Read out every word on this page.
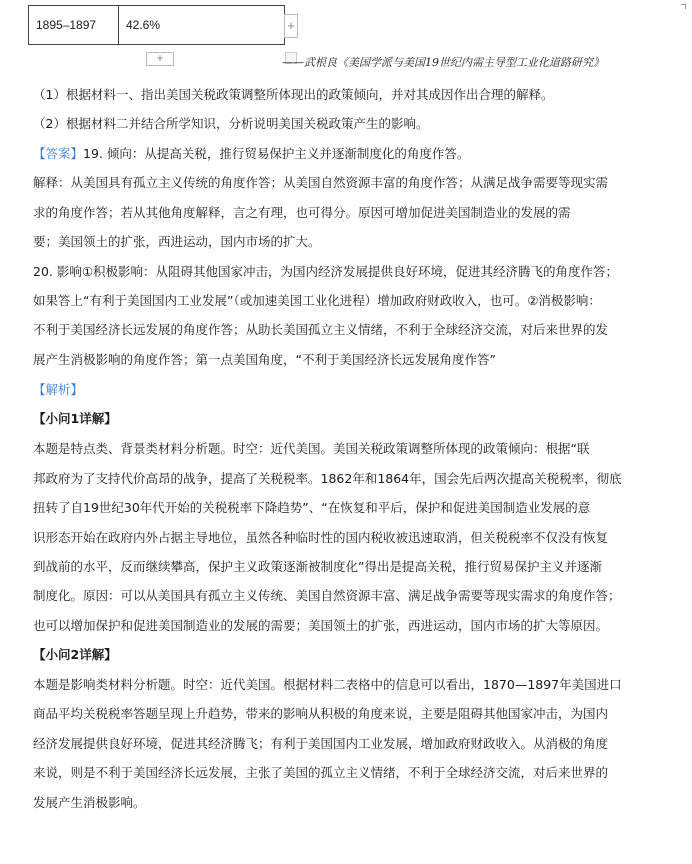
1895–1897	42.6%	+
+	——武根良《美国学派与美国19世纪内需主导型工业化道路研究》
（1）根据材料一、指出美国关税政策调整所体现出的政策倾向，并对其成因作出合理的解释。
（2）根据材料二并结合所学知识，分析说明美国关税政策产生的影响。
【答案】19. 倾向：从提高关税，推行贸易保护主义并逐渐制度化的角度作答。
解释：从美国具有孤立主义传统的角度作答；从美国自然资源丰富的角度作答；从满足战争需要等现实需
求的角度作答；若从其他角度解释，言之有理，也可得分。原因可增加促进美国制造业的发展的需
要；美国领土的扩张，西进运动，国内市场的扩大。
20. 影响①积极影响：从阻碍其他国家冲击，为国内经济发展提供良好环境，促进其经济腾飞的角度作答；
如果答上“有利于美国国内工业发展”（或加速美国工业化进程）增加政府财政收入，也可。②消极影响：
不利于美国经济长远发展的角度作答；从助长美国孤立主义情绪，不利于全球经济交流，对后来世界的发
展产生消极影响的角度作答；第一点美国角度，“不利于美国经济长远发展角度作答”
【解析】
【小问1详解】
本题是特点类、背景类材料分析题。时空：近代美国。美国关税政策调整所体现的政策倾向：根据“联
邦政府为了支持代价高昂的战争，提高了关税税率。1862年和1864年，国会先后两次提高关税税率，彻底
扭转了自19世纪30年代开始的关税税率下降趋势”、“在恢复和平后，保护和促进美国制造业发展的意
识形态开始在政府内外占据主导地位，虽然各种临时性的国内税收被迅速取消，但关税税率不仅没有恢复
到战前的水平，反而继续攀高，保护主义政策逐渐被制度化”得出是提高关税，推行贸易保护主义并逐渐
制度化。原因：可以从美国具有孤立主义传统、美国自然资源丰富、满足战争需要等现实需求的角度作答；
也可以增加保护和促进美国制造业的发展的需要；美国领土的扩张，西进运动，国内市场的扩大等原因。
【小问2详解】
本题是影响类材料分析题。时空：近代美国。根据材料二表格中的信息可以看出，1870—1897年美国进口
商品平均关税税率答题呈现上升趋势，带来的影响从积极的角度来说，主要是阻碍其他国家冲击，为国内
经济发展提供良好环境，促进其经济腾飞；有利于美国国内工业发展，增加政府财政收入。从消极的角度
来说，则是不利于美国经济长远发展，主张了美国的孤立主义情绪，不利于全球经济交流，对后来世界的
发展产生消极影响。
